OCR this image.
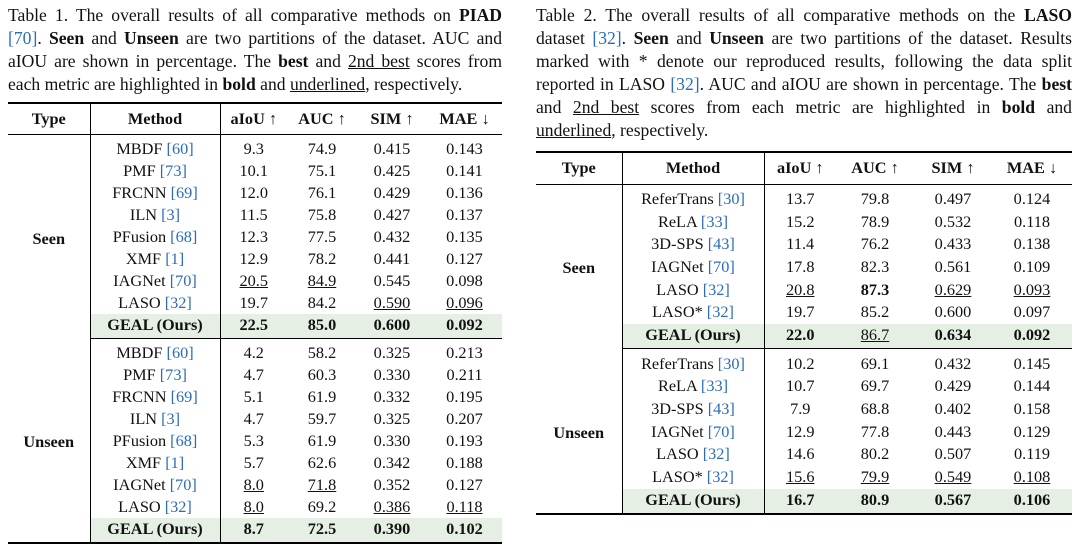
Table 1. The overall results of all comparative methods on PIAD [70]. Seen and Unseen are two partitions of the dataset. AUC and aIOU are shown in percentage. The best and 2nd best scores from each metric are highlighted in bold and underlined, respectively.

Type	Method	aIoU ↑	AUC ↑	SIM ↑	MAE ↓
Seen	MBDF [60]	9.3	74.9	0.415	0.143
	PMF [73]	10.1	75.1	0.425	0.141
	FRCNN [69]	12.0	76.1	0.429	0.136
	ILN [3]	11.5	75.8	0.427	0.137
	PFusion [68]	12.3	77.5	0.432	0.135
	XMF [1]	12.9	78.2	0.441	0.127
	IAGNet [70]	20.5	84.9	0.545	0.098
	LASO [32]	19.7	84.2	0.590	0.096
	GEAL (Ours)	22.5	85.0	0.600	0.092
Unseen	MBDF [60]	4.2	58.2	0.325	0.213
	PMF [73]	4.7	60.3	0.330	0.211
	FRCNN [69]	5.1	61.9	0.332	0.195
	ILN [3]	4.7	59.7	0.325	0.207
	PFusion [68]	5.3	61.9	0.330	0.193
	XMF [1]	5.7	62.6	0.342	0.188
	IAGNet [70]	8.0	71.8	0.352	0.127
	LASO [32]	8.0	69.2	0.386	0.118
	GEAL (Ours)	8.7	72.5	0.390	0.102

Table 2. The overall results of all comparative methods on the LASO dataset [32]. Seen and Unseen are two partitions of the dataset. Results marked with * denote our reproduced results, following the data split reported in LASO [32]. AUC and aIOU are shown in percentage. The best and 2nd best scores from each metric are highlighted in bold and underlined, respectively.

Type	Method	aIoU ↑	AUC ↑	SIM ↑	MAE ↓
Seen	ReferTrans [30]	13.7	79.8	0.497	0.124
	ReLA [33]	15.2	78.9	0.532	0.118
	3D-SPS [43]	11.4	76.2	0.433	0.138
	IAGNet [70]	17.8	82.3	0.561	0.109
	LASO [32]	20.8	87.3	0.629	0.093
	LASO* [32]	19.7	85.2	0.600	0.097
	GEAL (Ours)	22.0	86.7	0.634	0.092
Unseen	ReferTrans [30]	10.2	69.1	0.432	0.145
	ReLA [33]	10.7	69.7	0.429	0.144
	3D-SPS [43]	7.9	68.8	0.402	0.158
	IAGNet [70]	12.9	77.8	0.443	0.129
	LASO [32]	14.6	80.2	0.507	0.119
	LASO* [32]	15.6	79.9	0.549	0.108
	GEAL (Ours)	16.7	80.9	0.567	0.106
